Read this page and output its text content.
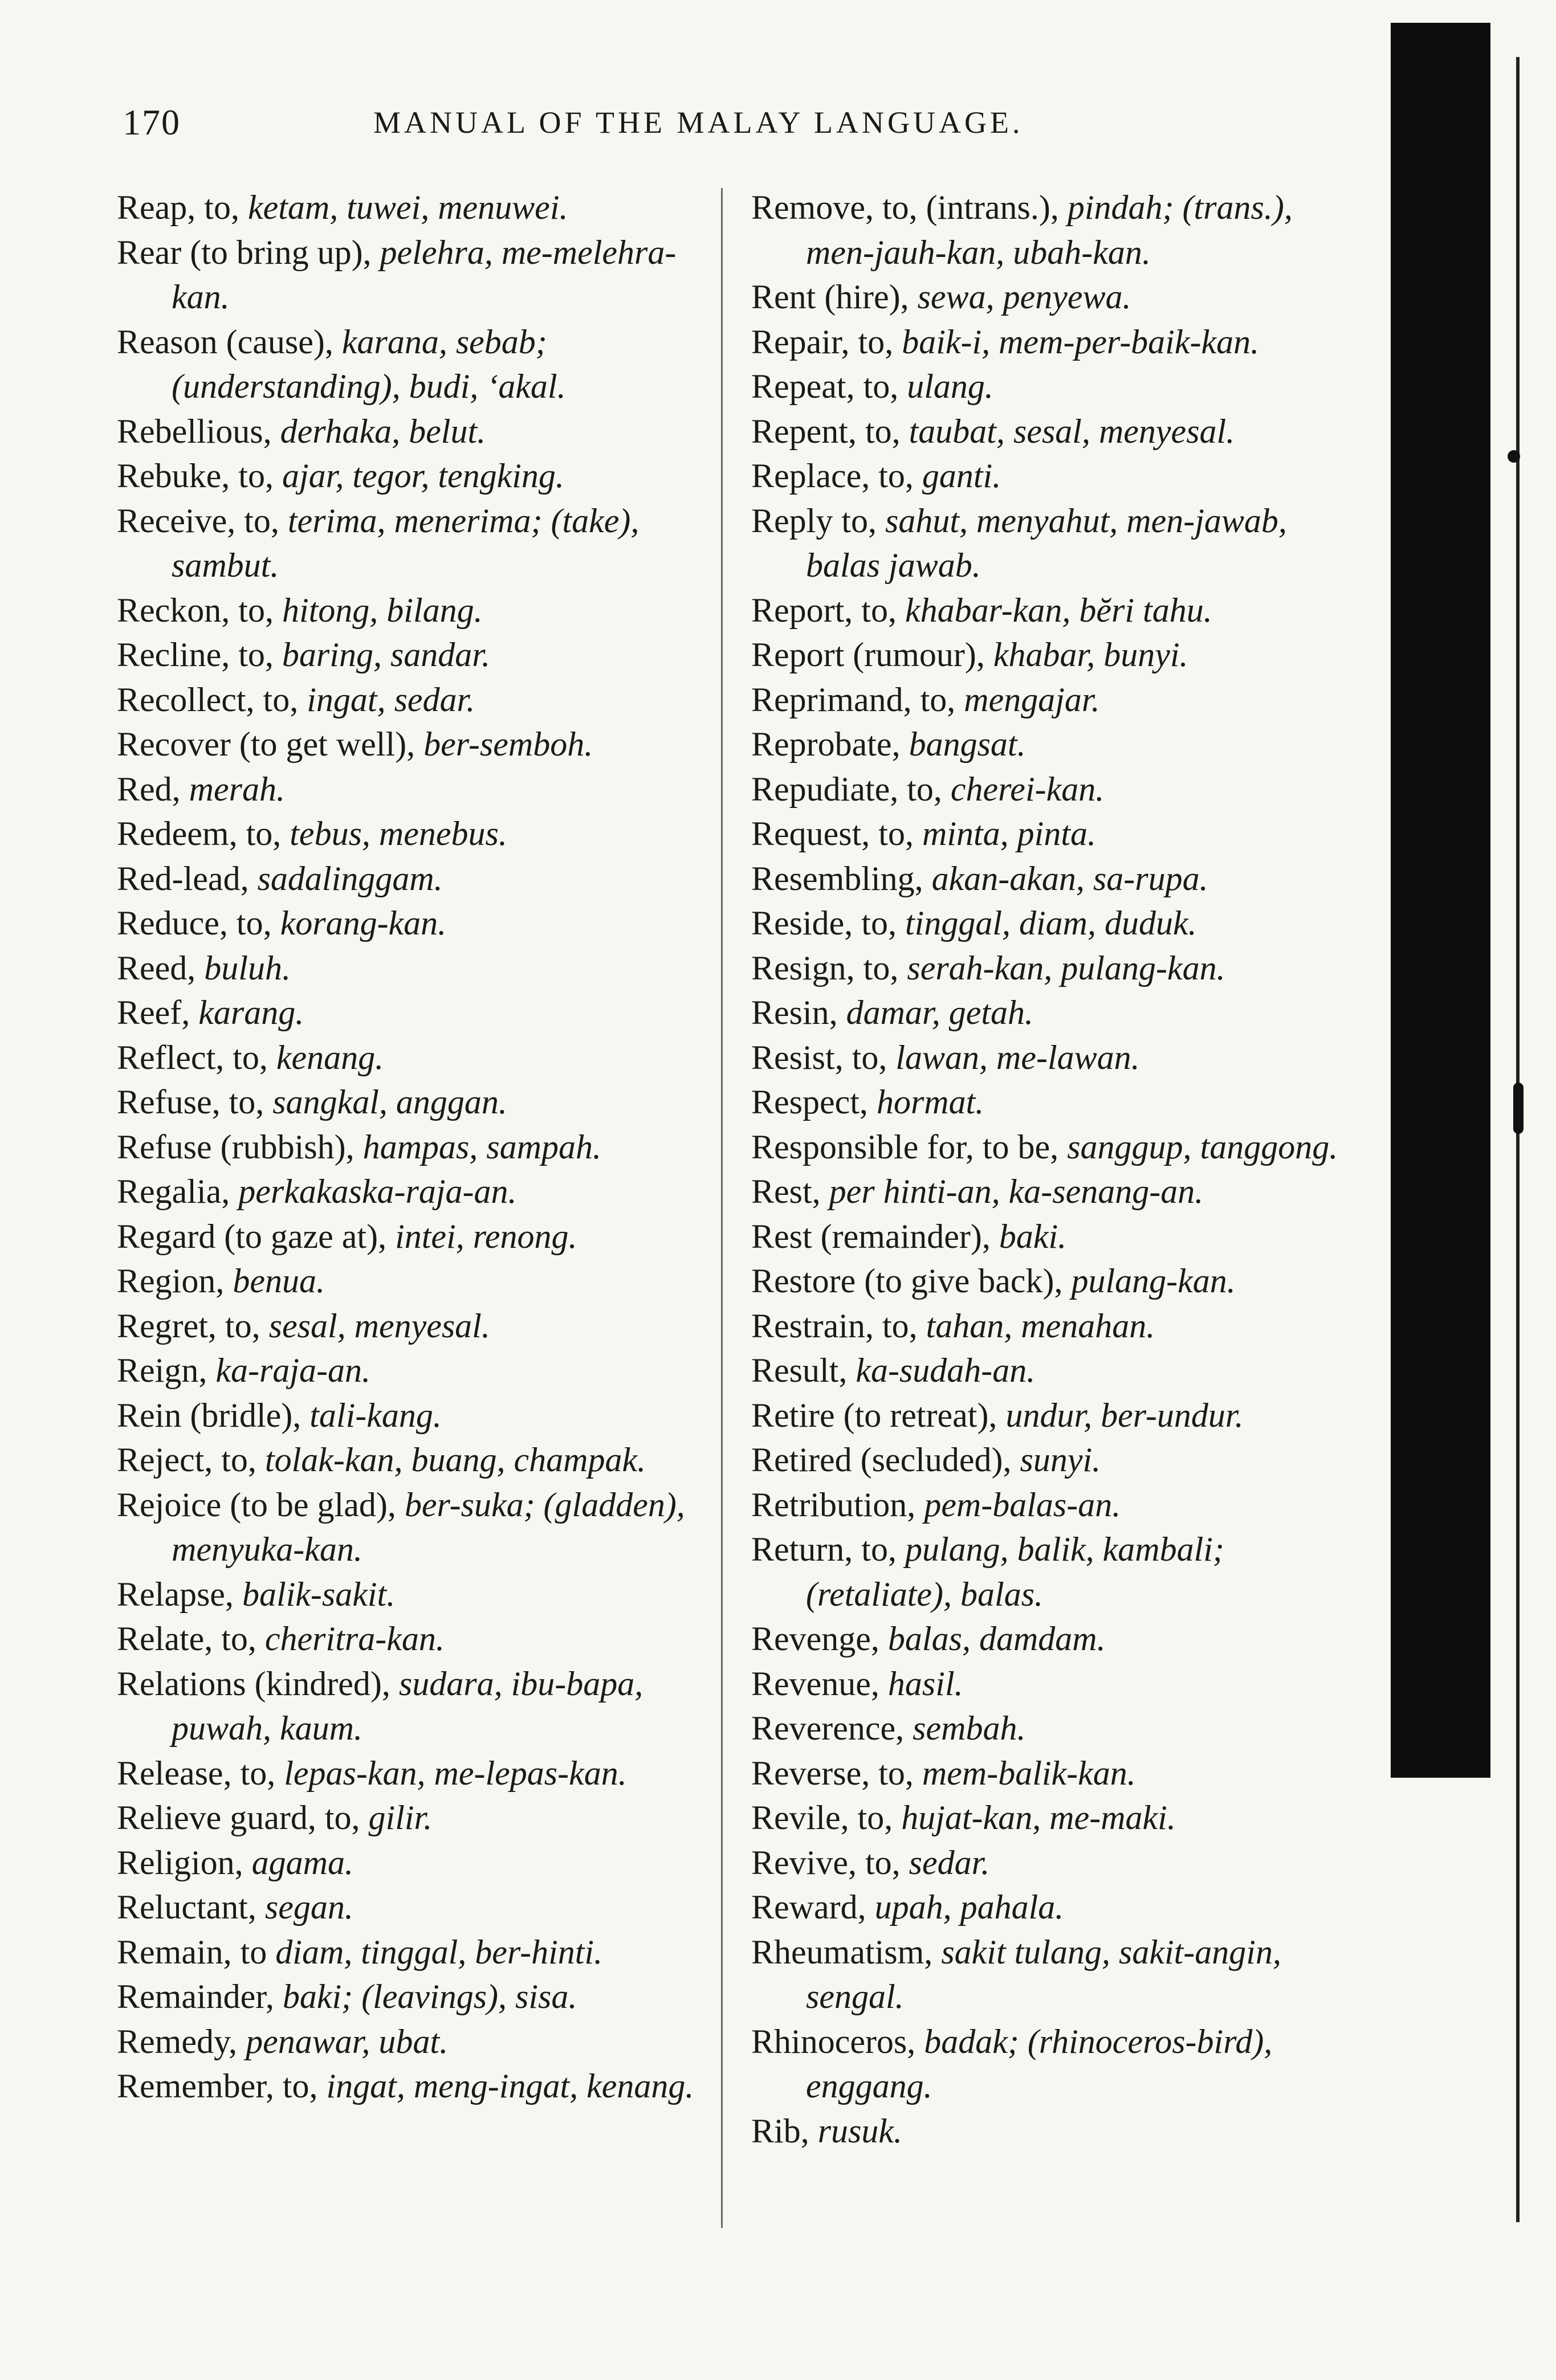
170	MANUAL OF THE MALAY LANGUAGE.

Reap, to, ketam, tuwei, menuwei.

Rear (to bring up), pelehra, me-melehra-kan.

Reason (cause), karana, sebab; (understanding), budi, ‘akal.

Rebellious, derhaka, belut.

Rebuke, to, ajar, tegor, tengking.

Receive, to, terima, menerima; (take), sambut.

Reckon, to, hitong, bilang.

Recline, to, baring, sandar.

Recollect, to, ingat, sedar.

Recover (to get well), ber-semboh.

Red, merah.

Redeem, to, tebus, menebus.

Red-lead, sadalinggam.

Reduce, to, korang-kan.

Reed, buluh.

Reef, karang.

Reflect, to, kenang.

Refuse, to, sangkal, anggan.

Refuse (rubbish), hampas, sampah.

Regalia, perkakaska-raja-an.

Regard (to gaze at), intei, renong.

Region, benua.

Regret, to, sesal, menyesal.

Reign, ka-raja-an.

Rein (bridle), tali-kang.

Reject, to, tolak-kan, buang, champak.

Rejoice (to be glad), ber-suka; (gladden), menyuka-kan.

Relapse, balik-sakit.

Relate, to, cheritra-kan.

Relations (kindred), sudara, ibu-bapa, puwah, kaum.

Release, to, lepas-kan, me-lepas-kan.

Relieve guard, to, gilir.

Religion, agama.

Reluctant, segan.

Remain, to diam, tinggal, ber-hinti.

Remainder, baki; (leavings), sisa.

Remedy, penawar, ubat.

Remember, to, ingat, meng-ingat, kenang.

Remove, to, (intrans.), pindah; (trans.), men-jauh-kan, ubah-kan.

Rent (hire), sewa, penyewa.

Repair, to, baik-i, mem-per-baik-kan.

Repeat, to, ulang.

Repent, to, taubat, sesal, menyesal.

Replace, to, ganti.

Reply to, sahut, menyahut, men-jawab, balas jawab.

Report, to, khabar-kan, bĕri tahu.

Report (rumour), khabar, bunyi.

Reprimand, to, mengajar.

Reprobate, bangsat.

Repudiate, to, cherei-kan.

Request, to, minta, pinta.

Resembling, akan-akan, sa-rupa.

Reside, to, tinggal, diam, duduk.

Resign, to, serah-kan, pulang-kan.

Resin, damar, getah.

Resist, to, lawan, me-lawan.

Respect, hormat.

Responsible for, to be, sanggup, tanggong.

Rest, per hinti-an, ka-senang-an.

Rest (remainder), baki.

Restore (to give back), pulang-kan.

Restrain, to, tahan, menahan.

Result, ka-sudah-an.

Retire (to retreat), undur, ber-undur.

Retired (secluded), sunyi.

Retribution, pem-balas-an.

Return, to, pulang, balik, kambali; (retaliate), balas.

Revenge, balas, damdam.

Revenue, hasil.

Reverence, sembah.

Reverse, to, mem-balik-kan.

Revile, to, hujat-kan, me-maki.

Revive, to, sedar.

Reward, upah, pahala.

Rheumatism, sakit tulang, sakit-angin, sengal.

Rhinoceros, badak; (rhinoceros-bird), enggang.

Rib, rusuk.
